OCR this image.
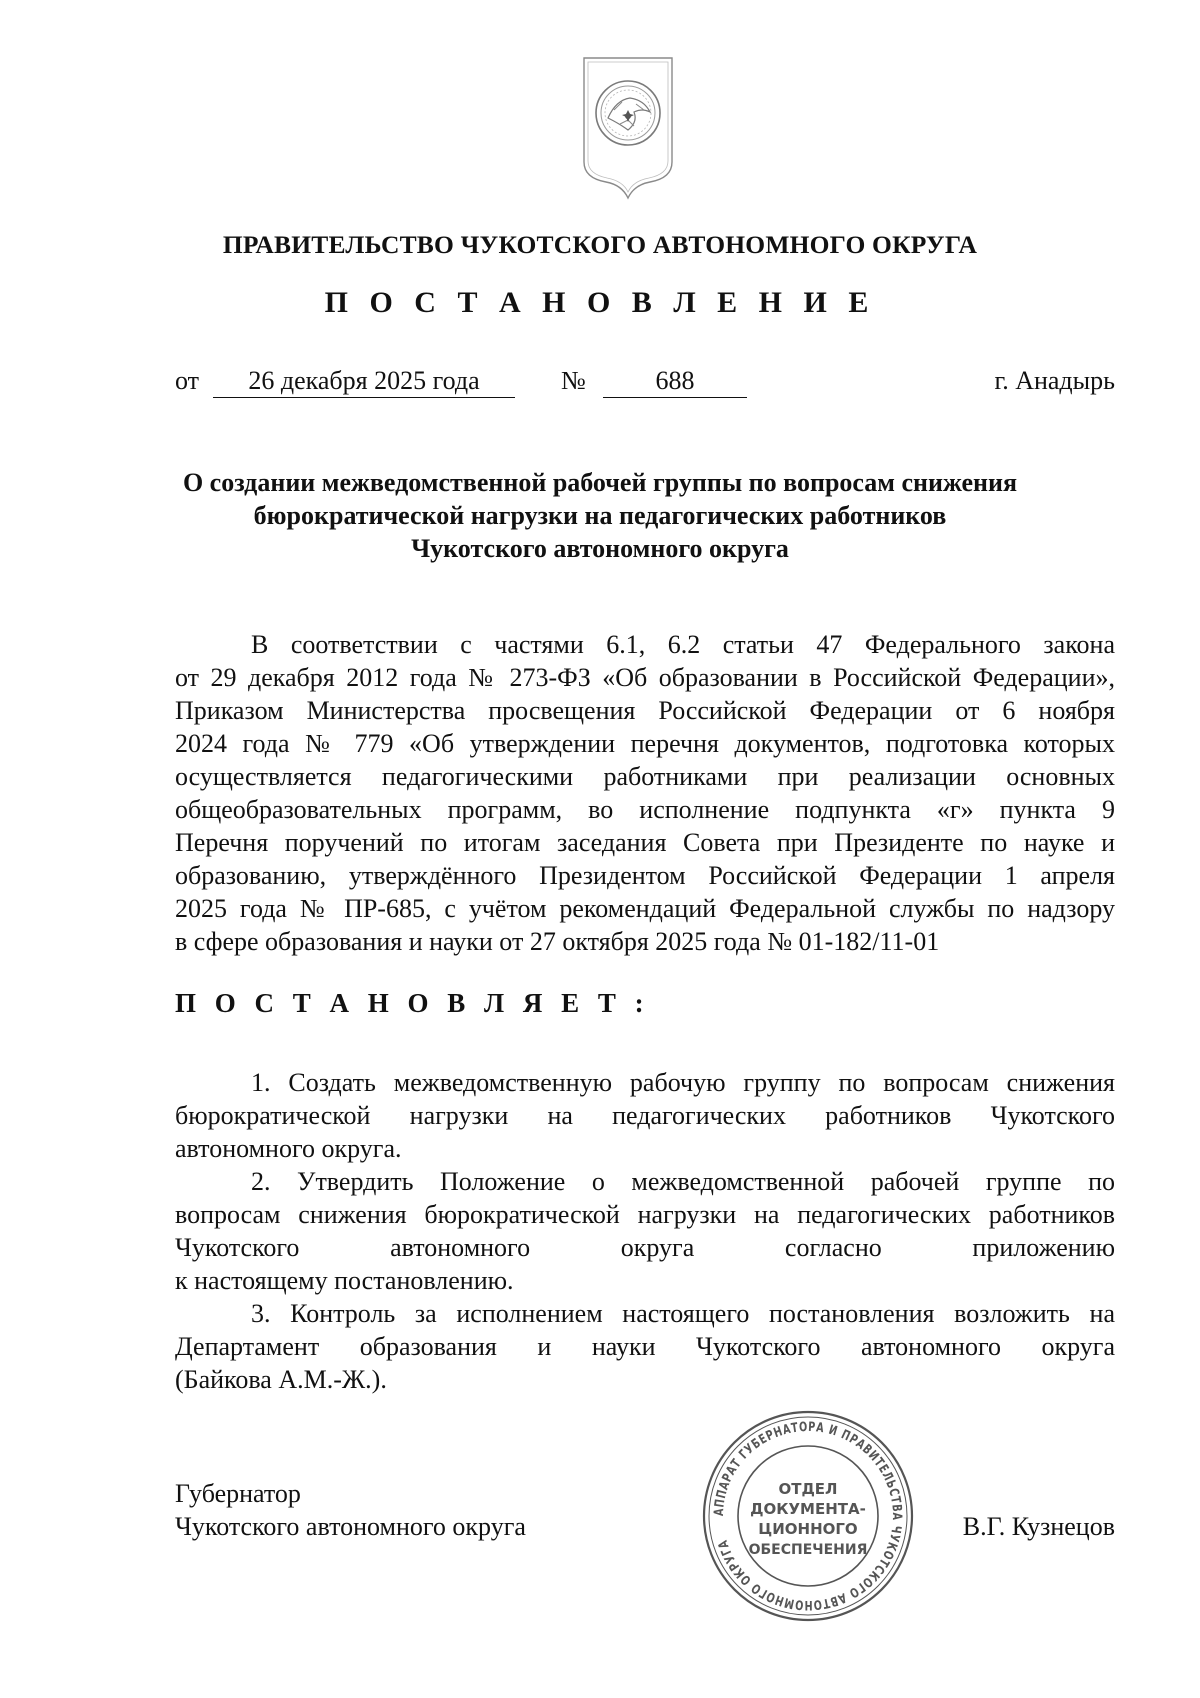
ПРАВИТЕЛЬСТВО ЧУКОТСКОГО АВТОНОМНОГО ОКРУГА
П О С Т А Н О В Л Е Н И Е
от	26 декабря 2025 года	№	688	г. Анадырь
О создании межведомственной рабочей группы по вопросам снижения
бюрократической нагрузки на педагогических работников
Чукотского автономного округа
В соответствии с частями 6.1, 6.2 статьи 47 Федерального закона
от 29 декабря 2012 года № 273-ФЗ «Об образовании в Российской Федерации»,
Приказом Министерства просвещения Российской Федерации от 6 ноября
2024 года № 779 «Об утверждении перечня документов, подготовка которых
осуществляется педагогическими работниками при реализации основных
общеобразовательных программ, во исполнение подпункта «г» пункта 9
Перечня поручений по итогам заседания Совета при Президенте по науке и
образованию, утверждённого Президентом Российской Федерации 1 апреля
2025 года № ПР-685, с учётом рекомендаций Федеральной службы по надзору
в сфере образования и науки от 27 октября 2025 года № 01-182/11-01
П О С Т А Н О В Л Я Е Т :
1. Создать межведомственную рабочую группу по вопросам снижения
бюрократической нагрузки на педагогических работников Чукотского
автономного округа.
2. Утвердить Положение о межведомственной рабочей группе по
вопросам снижения бюрократической нагрузки на педагогических работников
Чукотского автономного округа согласно приложению
к настоящему постановлению.
3. Контроль за исполнением настоящего постановления возложить на
Департамент образования и науки Чукотского автономного округа
(Байкова А.М.-Ж.).
Губернатор
Чукотского автономного округа
АППАРАТ ГУБЕРНАТОРА И ПРАВИТЕЛЬСТВА ЧУКОТСКОГО АВТОНОМНОГО ОКРУГА
ОТДЕЛ
ДОКУМЕНТА-
ЦИОННОГО
ОБЕСПЕЧЕНИЯ
В.Г. Кузнецов
